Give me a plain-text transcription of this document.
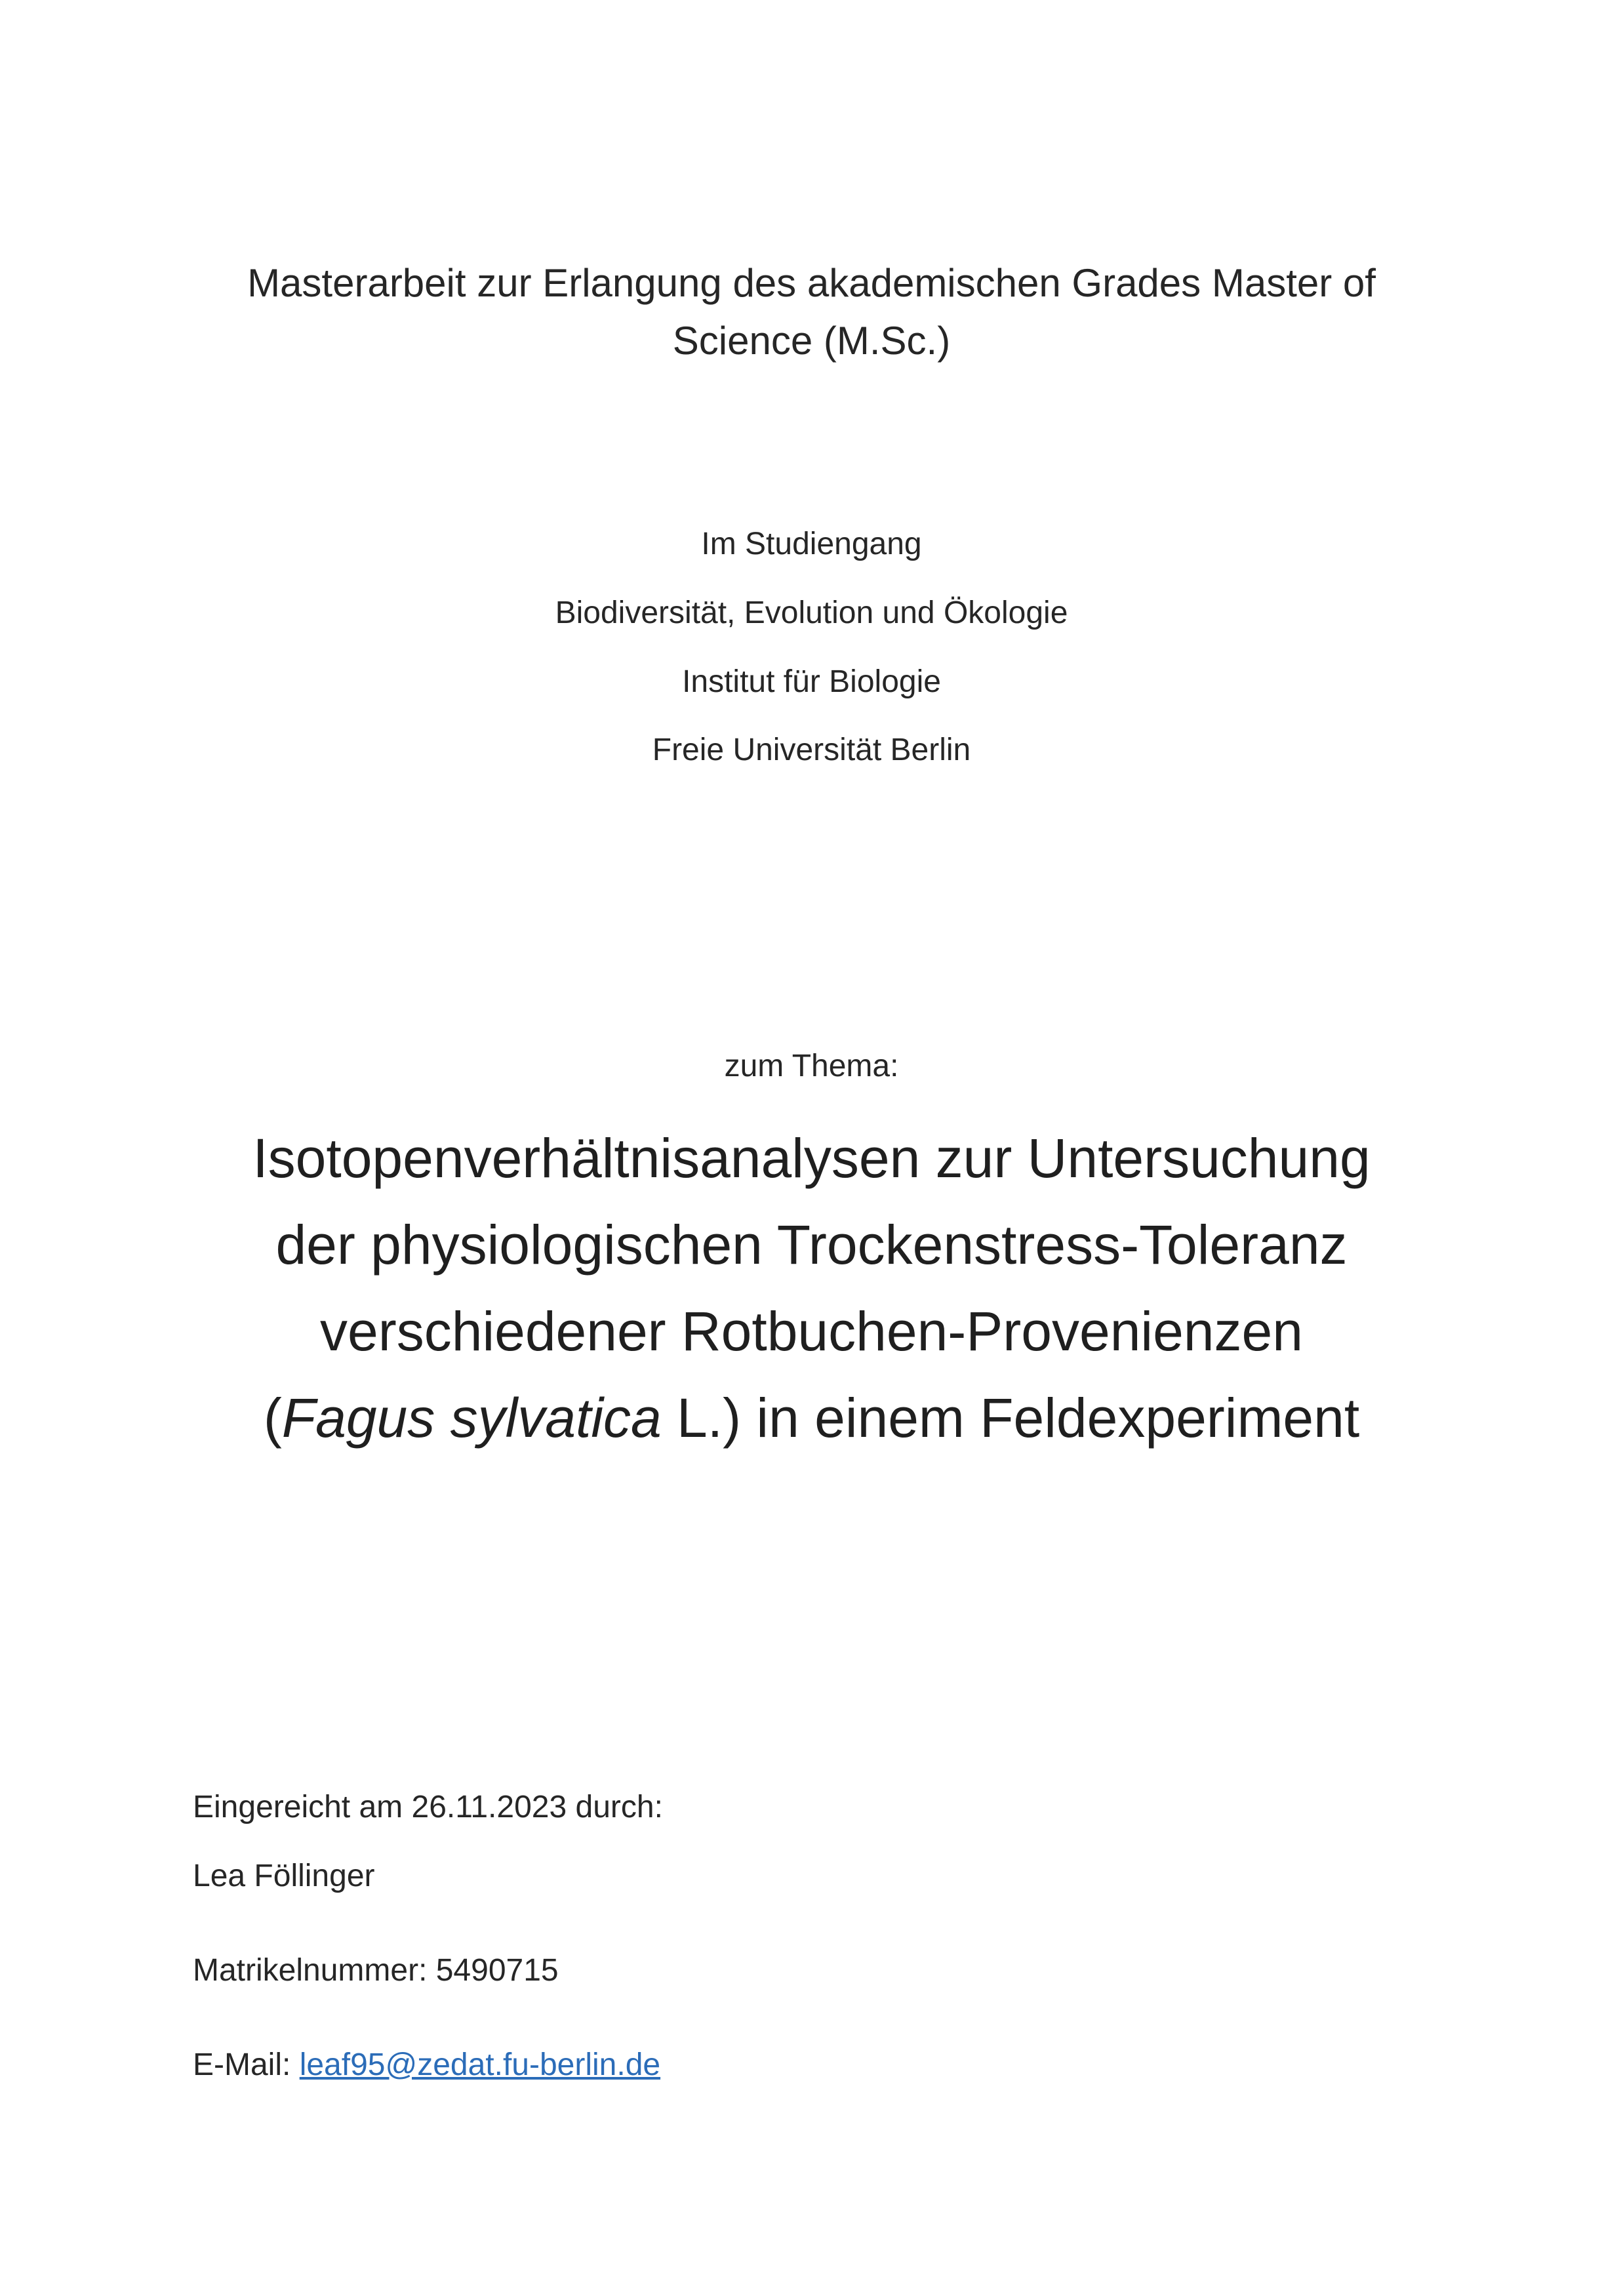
Masterarbeit zur Erlangung des akademischen Grades Master of
Science (M.Sc.)

Im Studiengang

Biodiversität, Evolution und Ökologie

Institut für Biologie

Freie Universität Berlin

zum Thema:

Isotopenverhältnisanalysen zur Untersuchung
der physiologischen Trockenstress-Toleranz
verschiedener Rotbuchen-Provenienzen
(Fagus sylvatica L.) in einem Feldexperiment

Eingereicht am 26.11.2023 durch:

Lea Föllinger

Matrikelnummer: 5490715

E-Mail: leaf95@zedat.fu-berlin.de
